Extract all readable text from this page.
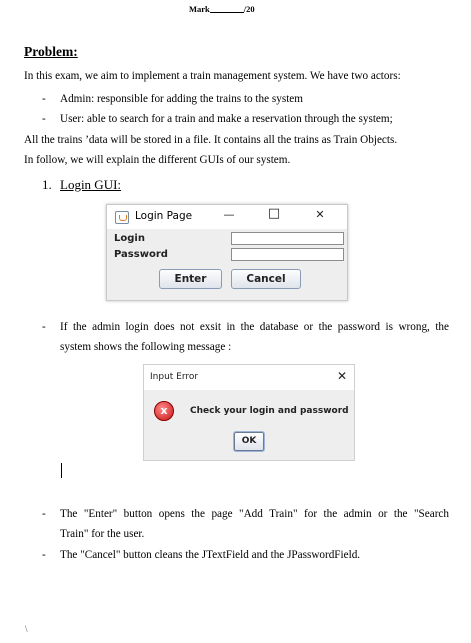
Mark	/20
Problem:
In this exam, we aim to implement a train management system. We have two actors:
- Admin: responsible for adding the trains to the system
- User: able to search for a train and make a reservation through the system;
All the trains ’data will be stored in a file. It contains all the trains as Train Objects.
In follow, we will explain the different GUIs of our system.
1. Login GUI:
Login Page	—	□	✕
Login
Password
Enter	Cancel
- If the admin login does not exsit in the database or the password is wrong, the
system shows the following message :
Input Error	✕
x	Check your login and password
OK
- The "Enter" button opens the page "Add Train" for the admin or the "Search
Train" for the user.
- The "Cancel" button cleans the JTextField and the JPasswordField.
\
